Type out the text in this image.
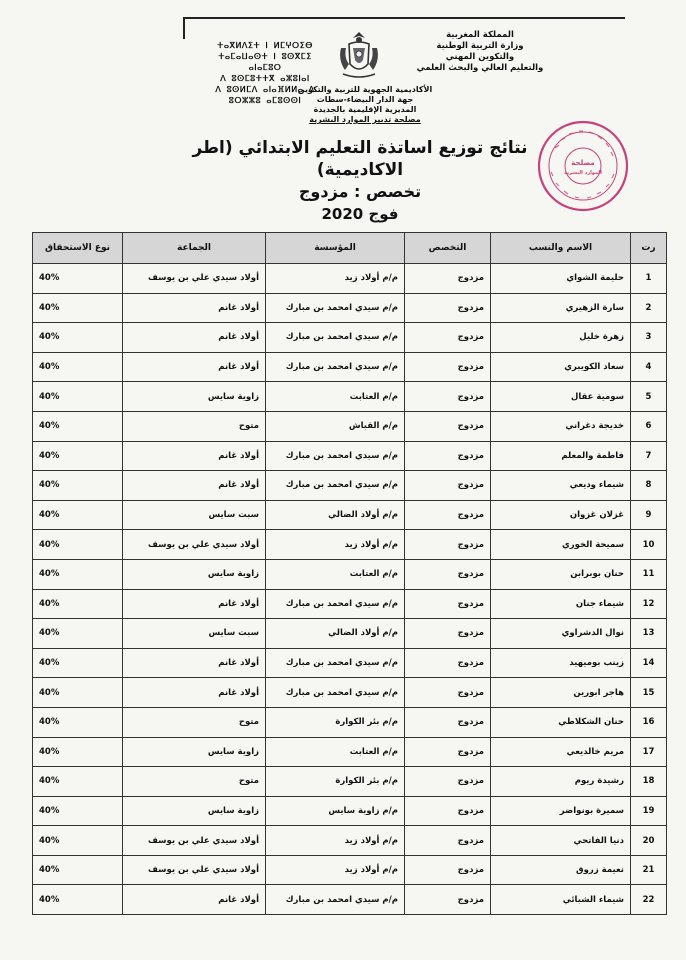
ⵜⴰⴳⵍⴷⵉⵜ ⵏ ⵍⵎⵖⵔⵉⴱ
ⵜⴰⵎⴰⵡⴰⵙⵜ ⵏ ⵓⵙⴳⵎⵉ ⴰⵏⴰⵎⵓⵔ
ⴷ ⵓⵙⵎⵓⵜⵜⴳ ⴰⵣⵓⵏⴰⵏ
ⴷ ⵓⵙⵍⵎⴷ ⴰⵏⴰⴼⵍⵍⴰ ⴷ ⵓⵔⵣⵣⵓ ⴰⵎⵓⵙⵙⵏ
المملكة المغربية
وزارة التربية الوطنية
والتكوين المهني
والتعليم العالي والبحث العلمي
الأكاديمية الجهوية للتربية والتكوين
جهة الدار البيضاء-سطات
المديرية الإقليمية بالجديدة
مصلحة تدبير الموارد البشرية
نتائج توزيع اساتذة التعليم الابتدائي (اطر الاكاديمية)
تخصص : مزدوج
فوج 2020
مصلحة
الموارد البشرية
رت	الاسم والنسب	التخصص	المؤسسة	الجماعة	نوع الاستحقاق
1	حليمة الشواي	مزدوج	م/م أولاد زيد	أولاد سيدي علي بن يوسف	40%
2	سارة الزهيري	مزدوج	م/م سيدي امحمد بن مبارك	أولاد غانم	40%
3	زهرة خليل	مزدوج	م/م سيدي امحمد بن مبارك	أولاد غانم	40%
4	سعاد الكويبري	مزدوج	م/م سيدي امحمد بن مبارك	أولاد غانم	40%
5	سومية عقال	مزدوج	م/م العتابت	زاوية سايس	40%
6	خديجة دغراني	مزدوج	م/م القباش	متوح	40%
7	فاطمة والمعلم	مزدوج	م/م سيدي امحمد بن مبارك	أولاد غانم	40%
8	شيماء وديعي	مزدوج	م/م سيدي امحمد بن مبارك	أولاد غانم	40%
9	غزلان غزوان	مزدوج	م/م أولاد الضالي	سبت سايس	40%
10	سميحة الخوري	مزدوج	م/م أولاد زيد	أولاد سيدي علي بن يوسف	40%
11	حنان بوبرابن	مزدوج	م/م العتابت	زاوية سايس	40%
12	شيماء جنان	مزدوج	م/م سيدي امحمد بن مبارك	أولاد غانم	40%
13	نوال الدشراوي	مزدوج	م/م أولاد الضالي	سبت سايس	40%
14	زينب بوميهيد	مزدوج	م/م سيدي امحمد بن مبارك	أولاد غانم	40%
15	هاجر ابورين	مزدوج	م/م سيدي امحمد بن مبارك	أولاد غانم	40%
16	حنان الشكلاطي	مزدوج	م/م بئر الكوارة	متوح	40%
17	مريم خالديعي	مزدوج	م/م العتابت	زاوية سايس	40%
18	رشيدة ريوم	مزدوج	م/م بئر الكوارة	متوح	40%
19	سميرة بونواضر	مزدوج	م/م زاوية سايس	زاوية سايس	40%
20	دنيا الفاتحي	مزدوج	م/م أولاد زيد	أولاد سيدي علي بن يوسف	40%
21	نعيمة زروق	مزدوج	م/م أولاد زيد	أولاد سيدي علي بن يوسف	40%
22	شيماء الشبائي	مزدوج	م/م سيدي امحمد بن مبارك	أولاد غانم	40%
